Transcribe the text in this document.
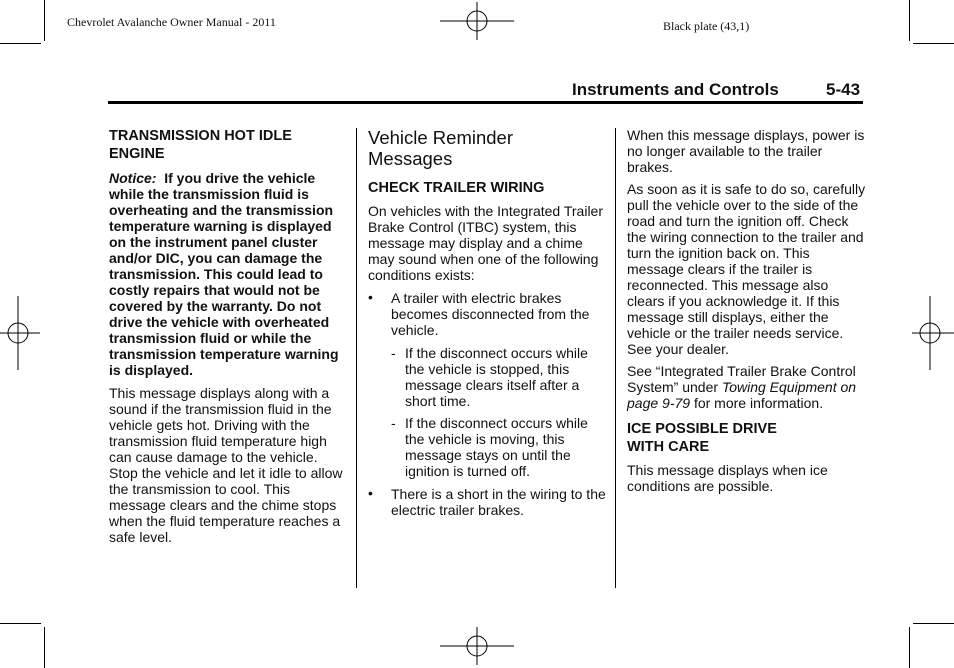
Chevrolet Avalanche Owner Manual - 2011	Black plate (43,1)
Instruments and Controls	5-43

TRANSMISSION HOT IDLE ENGINE

Notice: If you drive the vehicle while the transmission fluid is overheating and the transmission temperature warning is displayed on the instrument panel cluster and/or DIC, you can damage the transmission. This could lead to costly repairs that would not be covered by the warranty. Do not drive the vehicle with overheated transmission fluid or while the transmission temperature warning is displayed.

This message displays along with a sound if the transmission fluid in the vehicle gets hot. Driving with the transmission fluid temperature high can cause damage to the vehicle. Stop the vehicle and let it idle to allow the transmission to cool. This message clears and the chime stops when the fluid temperature reaches a safe level.

Vehicle Reminder Messages

CHECK TRAILER WIRING

On vehicles with the Integrated Trailer Brake Control (ITBC) system, this message may display and a chime may sound when one of the following conditions exists:

• A trailer with electric brakes becomes disconnected from the vehicle.
- If the disconnect occurs while the vehicle is stopped, this message clears itself after a short time.
- If the disconnect occurs while the vehicle is moving, this message stays on until the ignition is turned off.
• There is a short in the wiring to the electric trailer brakes.

When this message displays, power is no longer available to the trailer brakes.

As soon as it is safe to do so, carefully pull the vehicle over to the side of the road and turn the ignition off. Check the wiring connection to the trailer and turn the ignition back on. This message clears if the trailer is reconnected. This message also clears if you acknowledge it. If this message still displays, either the vehicle or the trailer needs service. See your dealer.

See “Integrated Trailer Brake Control System” under Towing Equipment on page 9-79 for more information.

ICE POSSIBLE DRIVE WITH CARE

This message displays when ice conditions are possible.
